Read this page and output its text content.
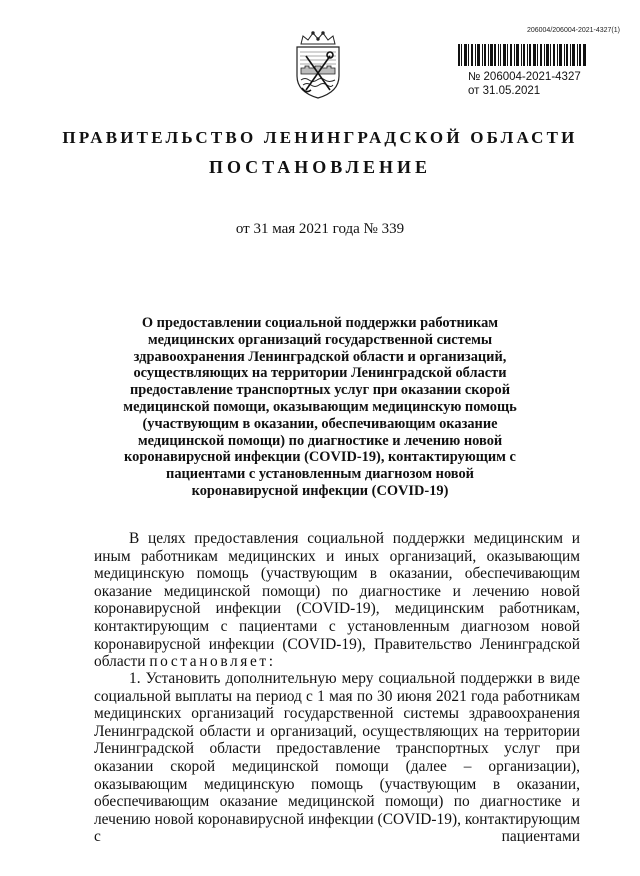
206004/206004-2021-4327(1)
№ 206004-2021-4327
от 31.05.2021
ПРАВИТЕЛЬСТВО ЛЕНИНГРАДСКОЙ ОБЛАСТИ
ПОСТАНОВЛЕНИЕ
от 31 мая 2021 года № 339
О предоставлении социальной поддержки работникам медицинских организаций государственной системы здравоохранения Ленинградской области и организаций, осуществляющих на территории Ленинградской области предоставление транспортных услуг при оказании скорой медицинской помощи, оказывающим медицинскую помощь (участвующим в оказании, обеспечивающим оказание медицинской помощи) по диагностике и лечению новой коронавирусной инфекции (COVID-19), контактирующим с пациентами с установленным диагнозом новой коронавирусной инфекции (COVID-19)
В целях предоставления социальной поддержки медицинским и иным работникам медицинских и иных организаций, оказывающим медицинскую помощь (участвующим в оказании, обеспечивающим оказание медицинской помощи) по диагностике и лечению новой коронавирусной инфекции (COVID-19), медицинским работникам, контактирующим с пациентами с установленным диагнозом новой коронавирусной инфекции (COVID-19), Правительство Ленинградской области постановляет:
1. Установить дополнительную меру социальной поддержки в виде социальной выплаты на период с 1 мая по 30 июня 2021 года работникам медицинских организаций государственной системы здравоохранения Ленинградской области и организаций, осуществляющих на территории Ленинградской области предоставление транспортных услуг при оказании скорой медицинской помощи (далее – организации), оказывающим медицинскую помощь (участвующим в оказании, обеспечивающим оказание медицинской помощи) по диагностике и лечению новой коронавирусной инфекции (COVID-19), контактирующим с пациентами
